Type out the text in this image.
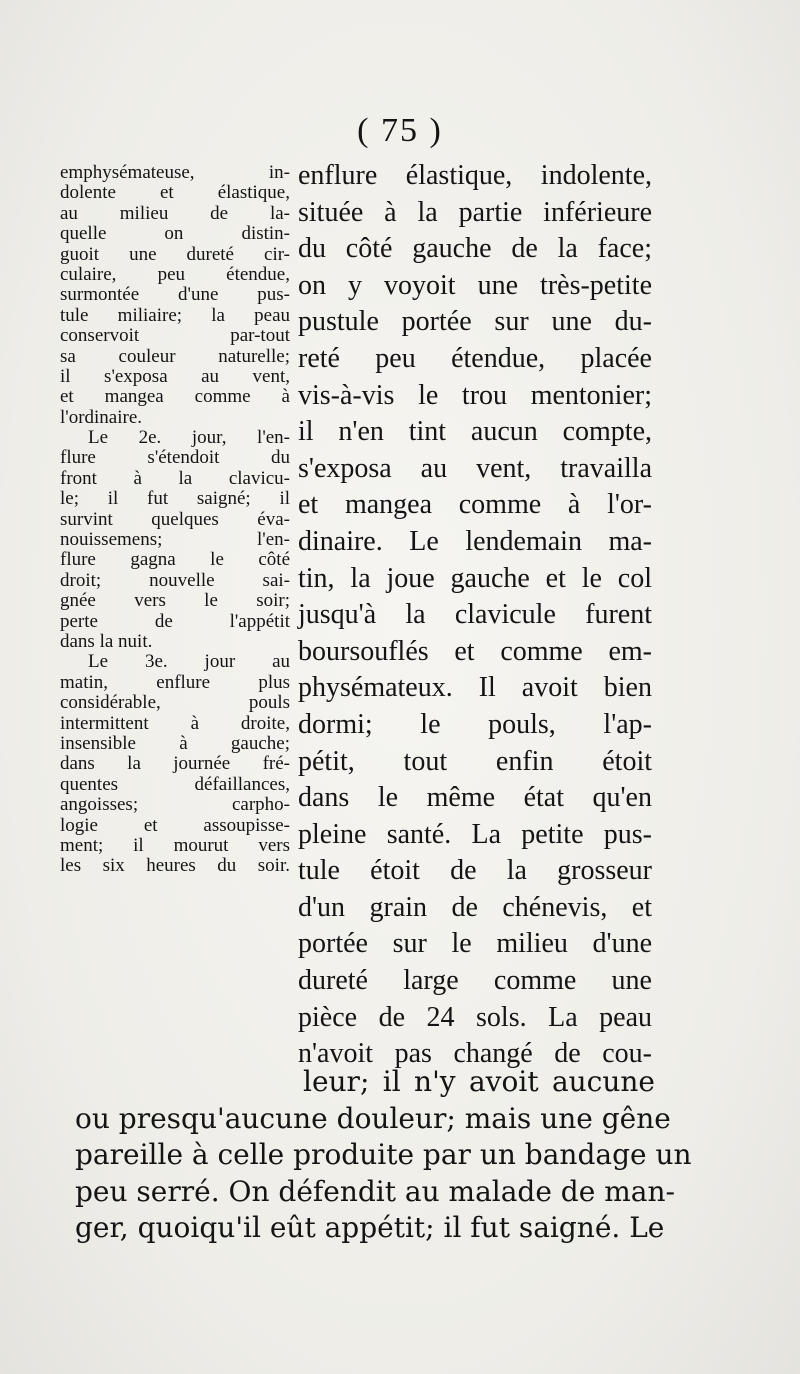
( 75 )
emphysémateuse, in-
dolente et élastique,
au milieu de la-
quelle on distin-
guoit une dureté cir-
culaire, peu étendue,
surmontée d'une pus-
tule miliaire; la peau
conservoit par-tout
sa couleur naturelle;
il s'exposa au vent,
et mangea comme à
l'ordinaire.
Le 2e. jour, l'en-
flure s'étendoit du
front à la clavicu-
le; il fut saigné; il
survint quelques éva-
nouissemens; l'en-
flure gagna le côté
droit; nouvelle sai-
gnée vers le soir;
perte de l'appétit
dans la nuit.
Le 3e. jour au
matin, enflure plus
considérable, pouls
intermittent à droite,
insensible à gauche;
dans la journée fré-
quentes défaillances,
angoisses; carpho-
logie et assoupisse-
ment; il mourut vers
les six heures du soir.
enflure élastique, indolente,
située à la partie inférieure
du côté gauche de la face;
on y voyoit une très-petite
pustule portée sur une du-
reté peu étendue, placée
vis-à-vis le trou mentonier;
il n'en tint aucun compte,
s'exposa au vent, travailla
et mangea comme à l'or-
dinaire. Le lendemain ma-
tin, la joue gauche et le col
jusqu'à la clavicule furent
boursouflés et comme em-
physémateux. Il avoit bien
dormi; le pouls, l'ap-
pétit, tout enfin étoit
dans le même état qu'en
pleine santé. La petite pus-
tule étoit de la grosseur
d'un grain de chénevis, et
portée sur le milieu d'une
dureté large comme une
pièce de 24 sols. La peau
n'avoit pas changé de cou-
leur; il n'y avoit aucune
ou presqu'aucune douleur; mais une gêne
pareille à celle produite par un bandage un
peu serré. On défendit au malade de man-
ger, quoiqu'il eût appétit; il fut saigné. Le
